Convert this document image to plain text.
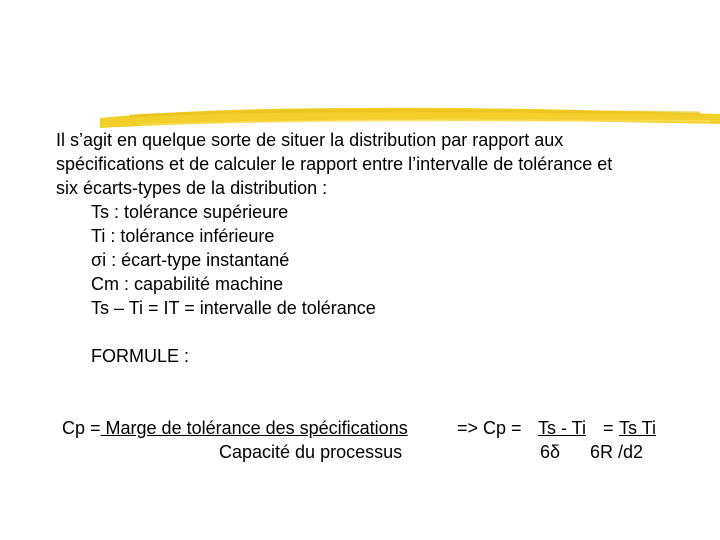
Il s’agit en quelque sorte de situer la distribution par rapport aux
spécifications et de calculer le rapport entre l’intervalle de tolérance et
six écarts-types de la distribution :
Ts : tolérance supérieure
Ti : tolérance inférieure
σi : écart-type instantané
Cm : capabilité machine
Ts – Ti = IT = intervalle de tolérance
FORMULE :
Cp = Marge de tolérance des spécifications	=> Cp = Ts - Ti = Ts Ti
Capacité du processus	6δ 6R /d2
